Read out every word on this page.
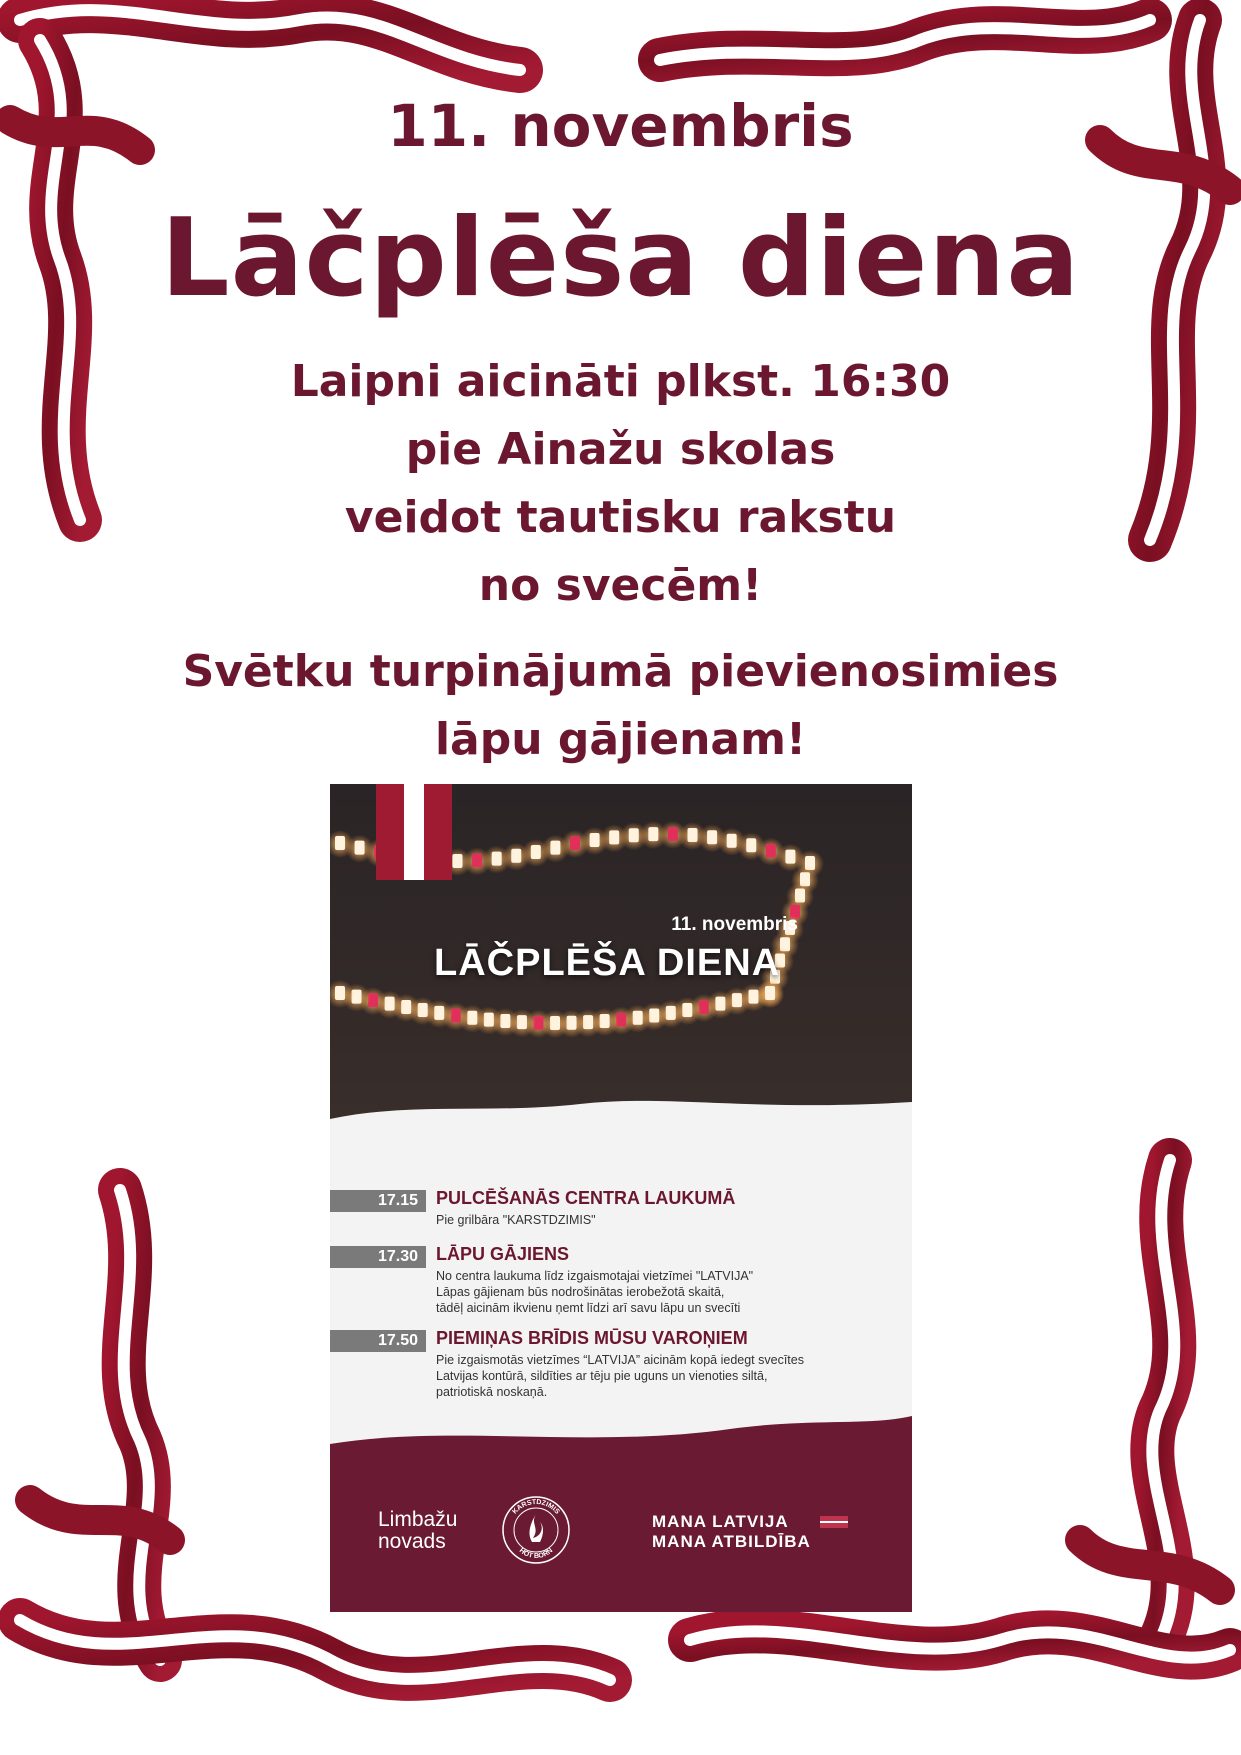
11. novembris
Lāčplēša diena
Laipni aicināti plkst. 16:30
pie Ainažu skolas
veidot tautisku rakstu
no svecēm!
Svētku turpinājumā pievienosimies
lāpu gājienam!
11. novembris
LĀČPLĒŠA DIENA
17.15	PULCĒŠANĀS CENTRA LAUKUMĀ
Pie grilbāra "KARSTDZIMIS"
17.30	LĀPU GĀJIENS
No centra laukuma līdz izgaismotajai vietzīmei "LATVIJA"
Lāpas gājienam būs nodrošinātas ierobežotā skaitā,
tādēļ aicinām ikvienu ņemt līdzi arī savu lāpu un svecīti
17.50	PIEMIŅAS BRĪDIS MŪSU VAROŅIEM
Pie izgaismotās vietzīmes “LATVIJA” aicinām kopā iedegt svecītes
Latvijas kontūrā, sildīties ar tēju pie uguns un vienoties siltā,
patriotiskā noskaņā.
Limbažu
novads
KARSTDZIMIS
HOT BORN
MANA LATVIJA
MANA ATBILDĪBA
